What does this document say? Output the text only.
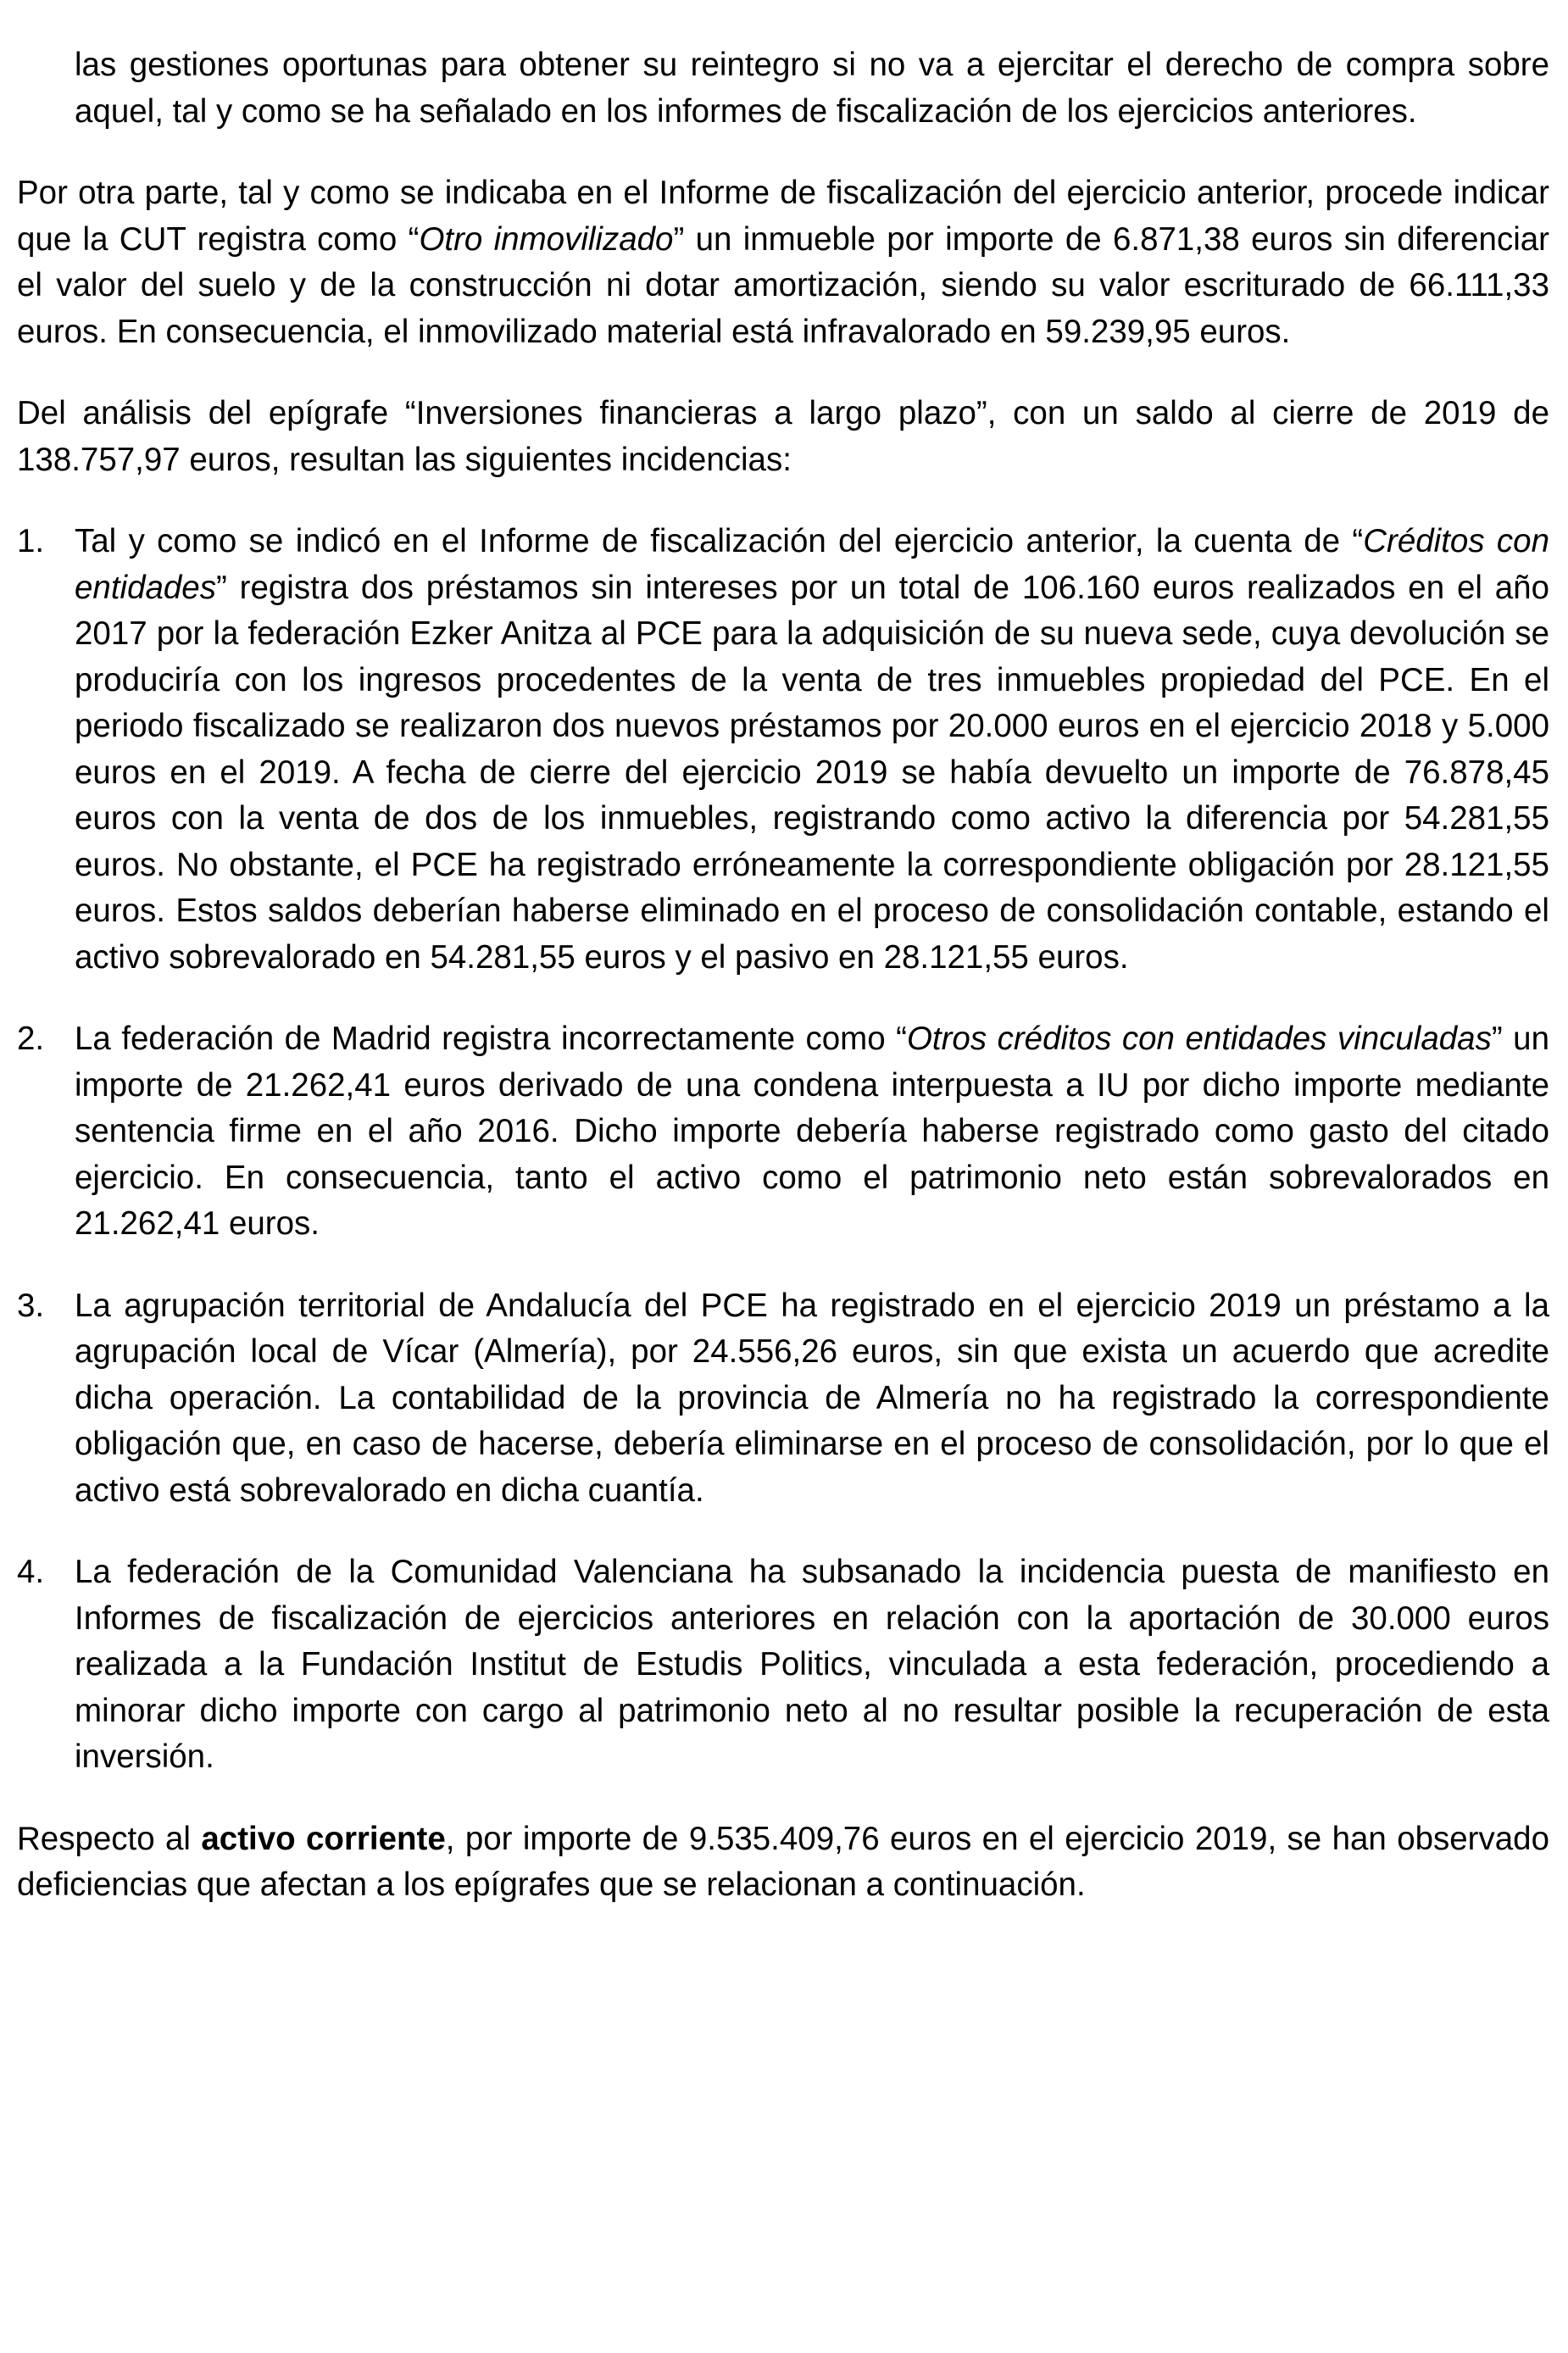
las gestiones oportunas para obtener su reintegro si no va a ejercitar el derecho de compra sobre aquel, tal y como se ha señalado en los informes de fiscalización de los ejercicios anteriores.

Por otra parte, tal y como se indicaba en el Informe de fiscalización del ejercicio anterior, procede indicar que la CUT registra como “Otro inmovilizado” un inmueble por importe de 6.871,38 euros sin diferenciar el valor del suelo y de la construcción ni dotar amortización, siendo su valor escriturado de 66.111,33 euros. En consecuencia, el inmovilizado material está infravalorado en 59.239,95 euros.

Del análisis del epígrafe “Inversiones financieras a largo plazo”, con un saldo al cierre de 2019 de 138.757,97 euros, resultan las siguientes incidencias:

1. Tal y como se indicó en el Informe de fiscalización del ejercicio anterior, la cuenta de “Créditos con entidades” registra dos préstamos sin intereses por un total de 106.160 euros realizados en el año 2017 por la federación Ezker Anitza al PCE para la adquisición de su nueva sede, cuya devolución se produciría con los ingresos procedentes de la venta de tres inmuebles propiedad del PCE. En el periodo fiscalizado se realizaron dos nuevos préstamos por 20.000 euros en el ejercicio 2018 y 5.000 euros en el 2019. A fecha de cierre del ejercicio 2019 se había devuelto un importe de 76.878,45 euros con la venta de dos de los inmuebles, registrando como activo la diferencia por 54.281,55 euros. No obstante, el PCE ha registrado erróneamente la correspondiente obligación por 28.121,55 euros. Estos saldos deberían haberse eliminado en el proceso de consolidación contable, estando el activo sobrevalorado en 54.281,55 euros y el pasivo en 28.121,55 euros.
2. La federación de Madrid registra incorrectamente como “Otros créditos con entidades vinculadas” un importe de 21.262,41 euros derivado de una condena interpuesta a IU por dicho importe mediante sentencia firme en el año 2016. Dicho importe debería haberse registrado como gasto del citado ejercicio. En consecuencia, tanto el activo como el patrimonio neto están sobrevalorados en 21.262,41 euros.
3. La agrupación territorial de Andalucía del PCE ha registrado en el ejercicio 2019 un préstamo a la agrupación local de Vícar (Almería), por 24.556,26 euros, sin que exista un acuerdo que acredite dicha operación. La contabilidad de la provincia de Almería no ha registrado la correspondiente obligación que, en caso de hacerse, debería eliminarse en el proceso de consolidación, por lo que el activo está sobrevalorado en dicha cuantía.
4. La federación de la Comunidad Valenciana ha subsanado la incidencia puesta de manifiesto en Informes de fiscalización de ejercicios anteriores en relación con la aportación de 30.000 euros realizada a la Fundación Institut de Estudis Politics, vinculada a esta federación, procediendo a minorar dicho importe con cargo al patrimonio neto al no resultar posible la recuperación de esta inversión.

Respecto al activo corriente, por importe de 9.535.409,76 euros en el ejercicio 2019, se han observado deficiencias que afectan a los epígrafes que se relacionan a continuación.
